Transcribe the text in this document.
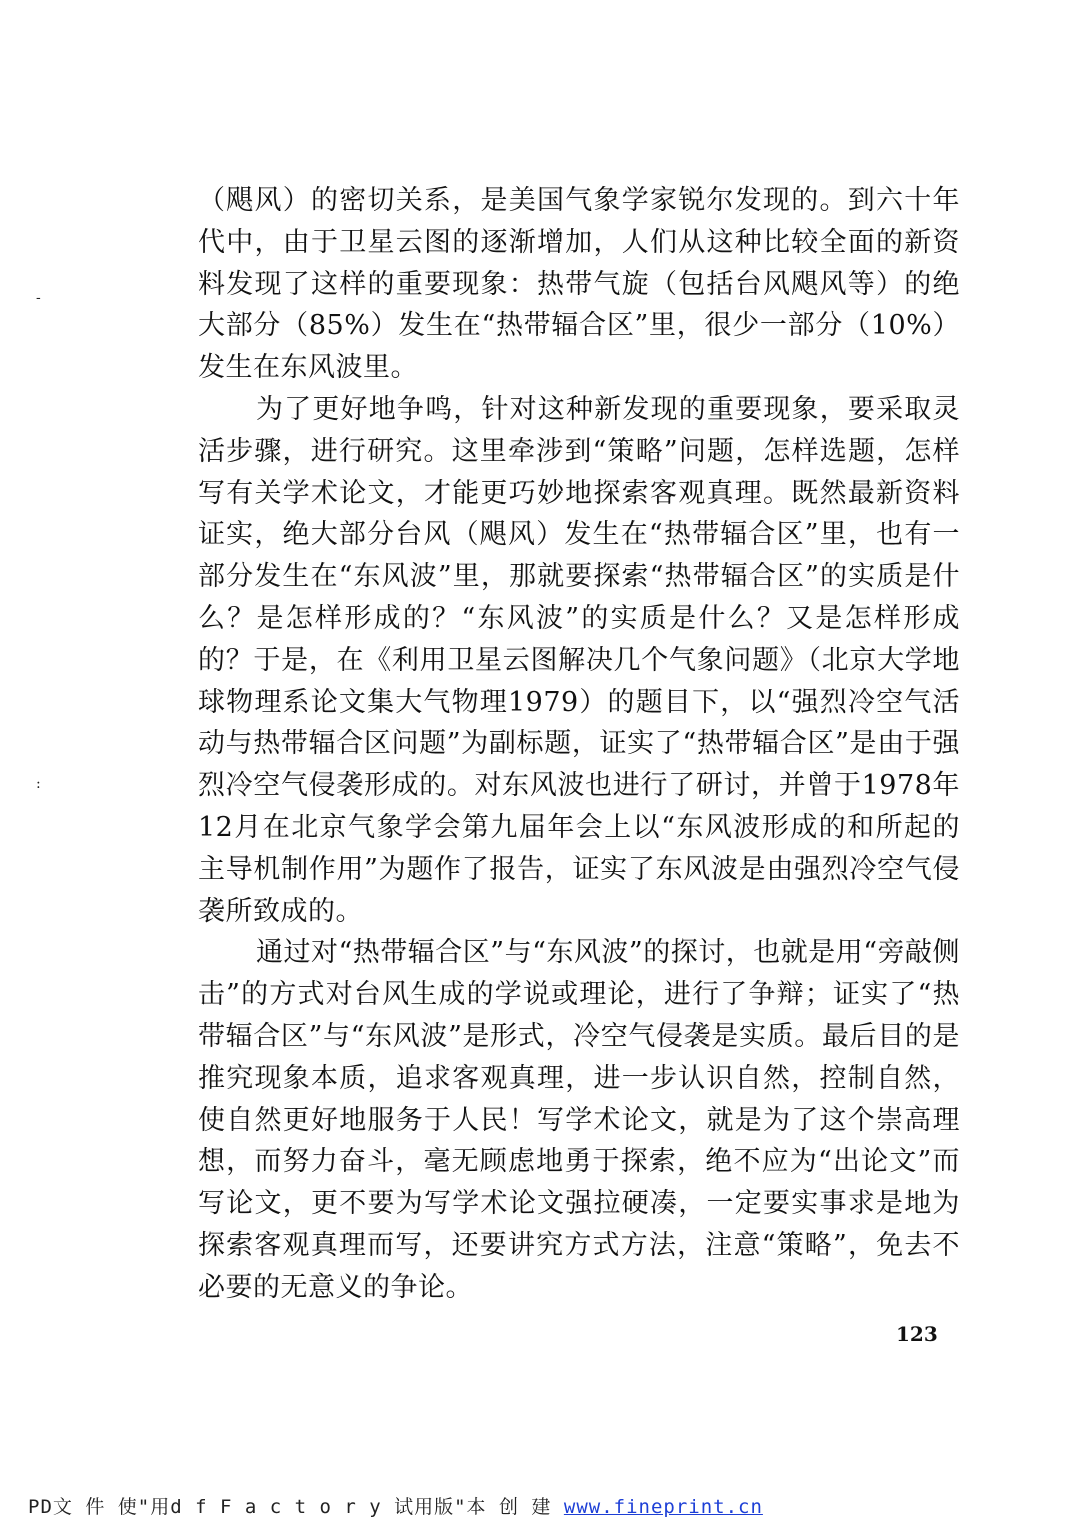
-
:

（飓风）的密切关系，是美国气象学家锐尔发现的。到六十年代中，由于卫星云图的逐渐增加，人们从这种比较全面的新资料发现了这样的重要现象：热带气旋（包括台风飓风等）的绝大部分（85%）发生在“热带辐合区”里，很少一部分（10%）发生在东风波里。

为了更好地争鸣，针对这种新发现的重要现象，要采取灵活步骤，进行研究。这里牵涉到“策略”问题，怎样选题，怎样写有关学术论文，才能更巧妙地探索客观真理。既然最新资料证实，绝大部分台风（飓风）发生在“热带辐合区”里，也有一部分发生在“东风波”里，那就要探索“热带辐合区”的实质是什么？是怎样形成的？“东风波”的实质是什么？又是怎样形成的？于是，在《利用卫星云图解决几个气象问题》（北京大学地球物理系论文集大气物理1979）的题目下，以“强烈冷空气活动与热带辐合区问题”为副标题，证实了“热带辐合区”是由于强烈冷空气侵袭形成的。对东风波也进行了研讨，并曾于1978年12月在北京气象学会第九届年会上以“东风波形成的和所起的主导机制作用”为题作了报告，证实了东风波是由强烈冷空气侵袭所致成的。

通过对“热带辐合区”与“东风波”的探讨，也就是用“旁敲侧击”的方式对台风生成的学说或理论，进行了争辩；证实了“热带辐合区”与“东风波”是形式，冷空气侵袭是实质。最后目的是推究现象本质，追求客观真理，进一步认识自然，控制自然，使自然更好地服务于人民！写学术论文，就是为了这个崇高理想，而努力奋斗，毫无顾虑地勇于探索，绝不应为“出论文”而写论文，更不要为写学术论文强拉硬凑，一定要实事求是地为探索客观真理而写，还要讲究方式方法，注意“策略”，免去不必要的无意义的争论。

123
PD文 件 使"用d f F a c t o r y 试用版"本 创 建 www.fineprint.cn
